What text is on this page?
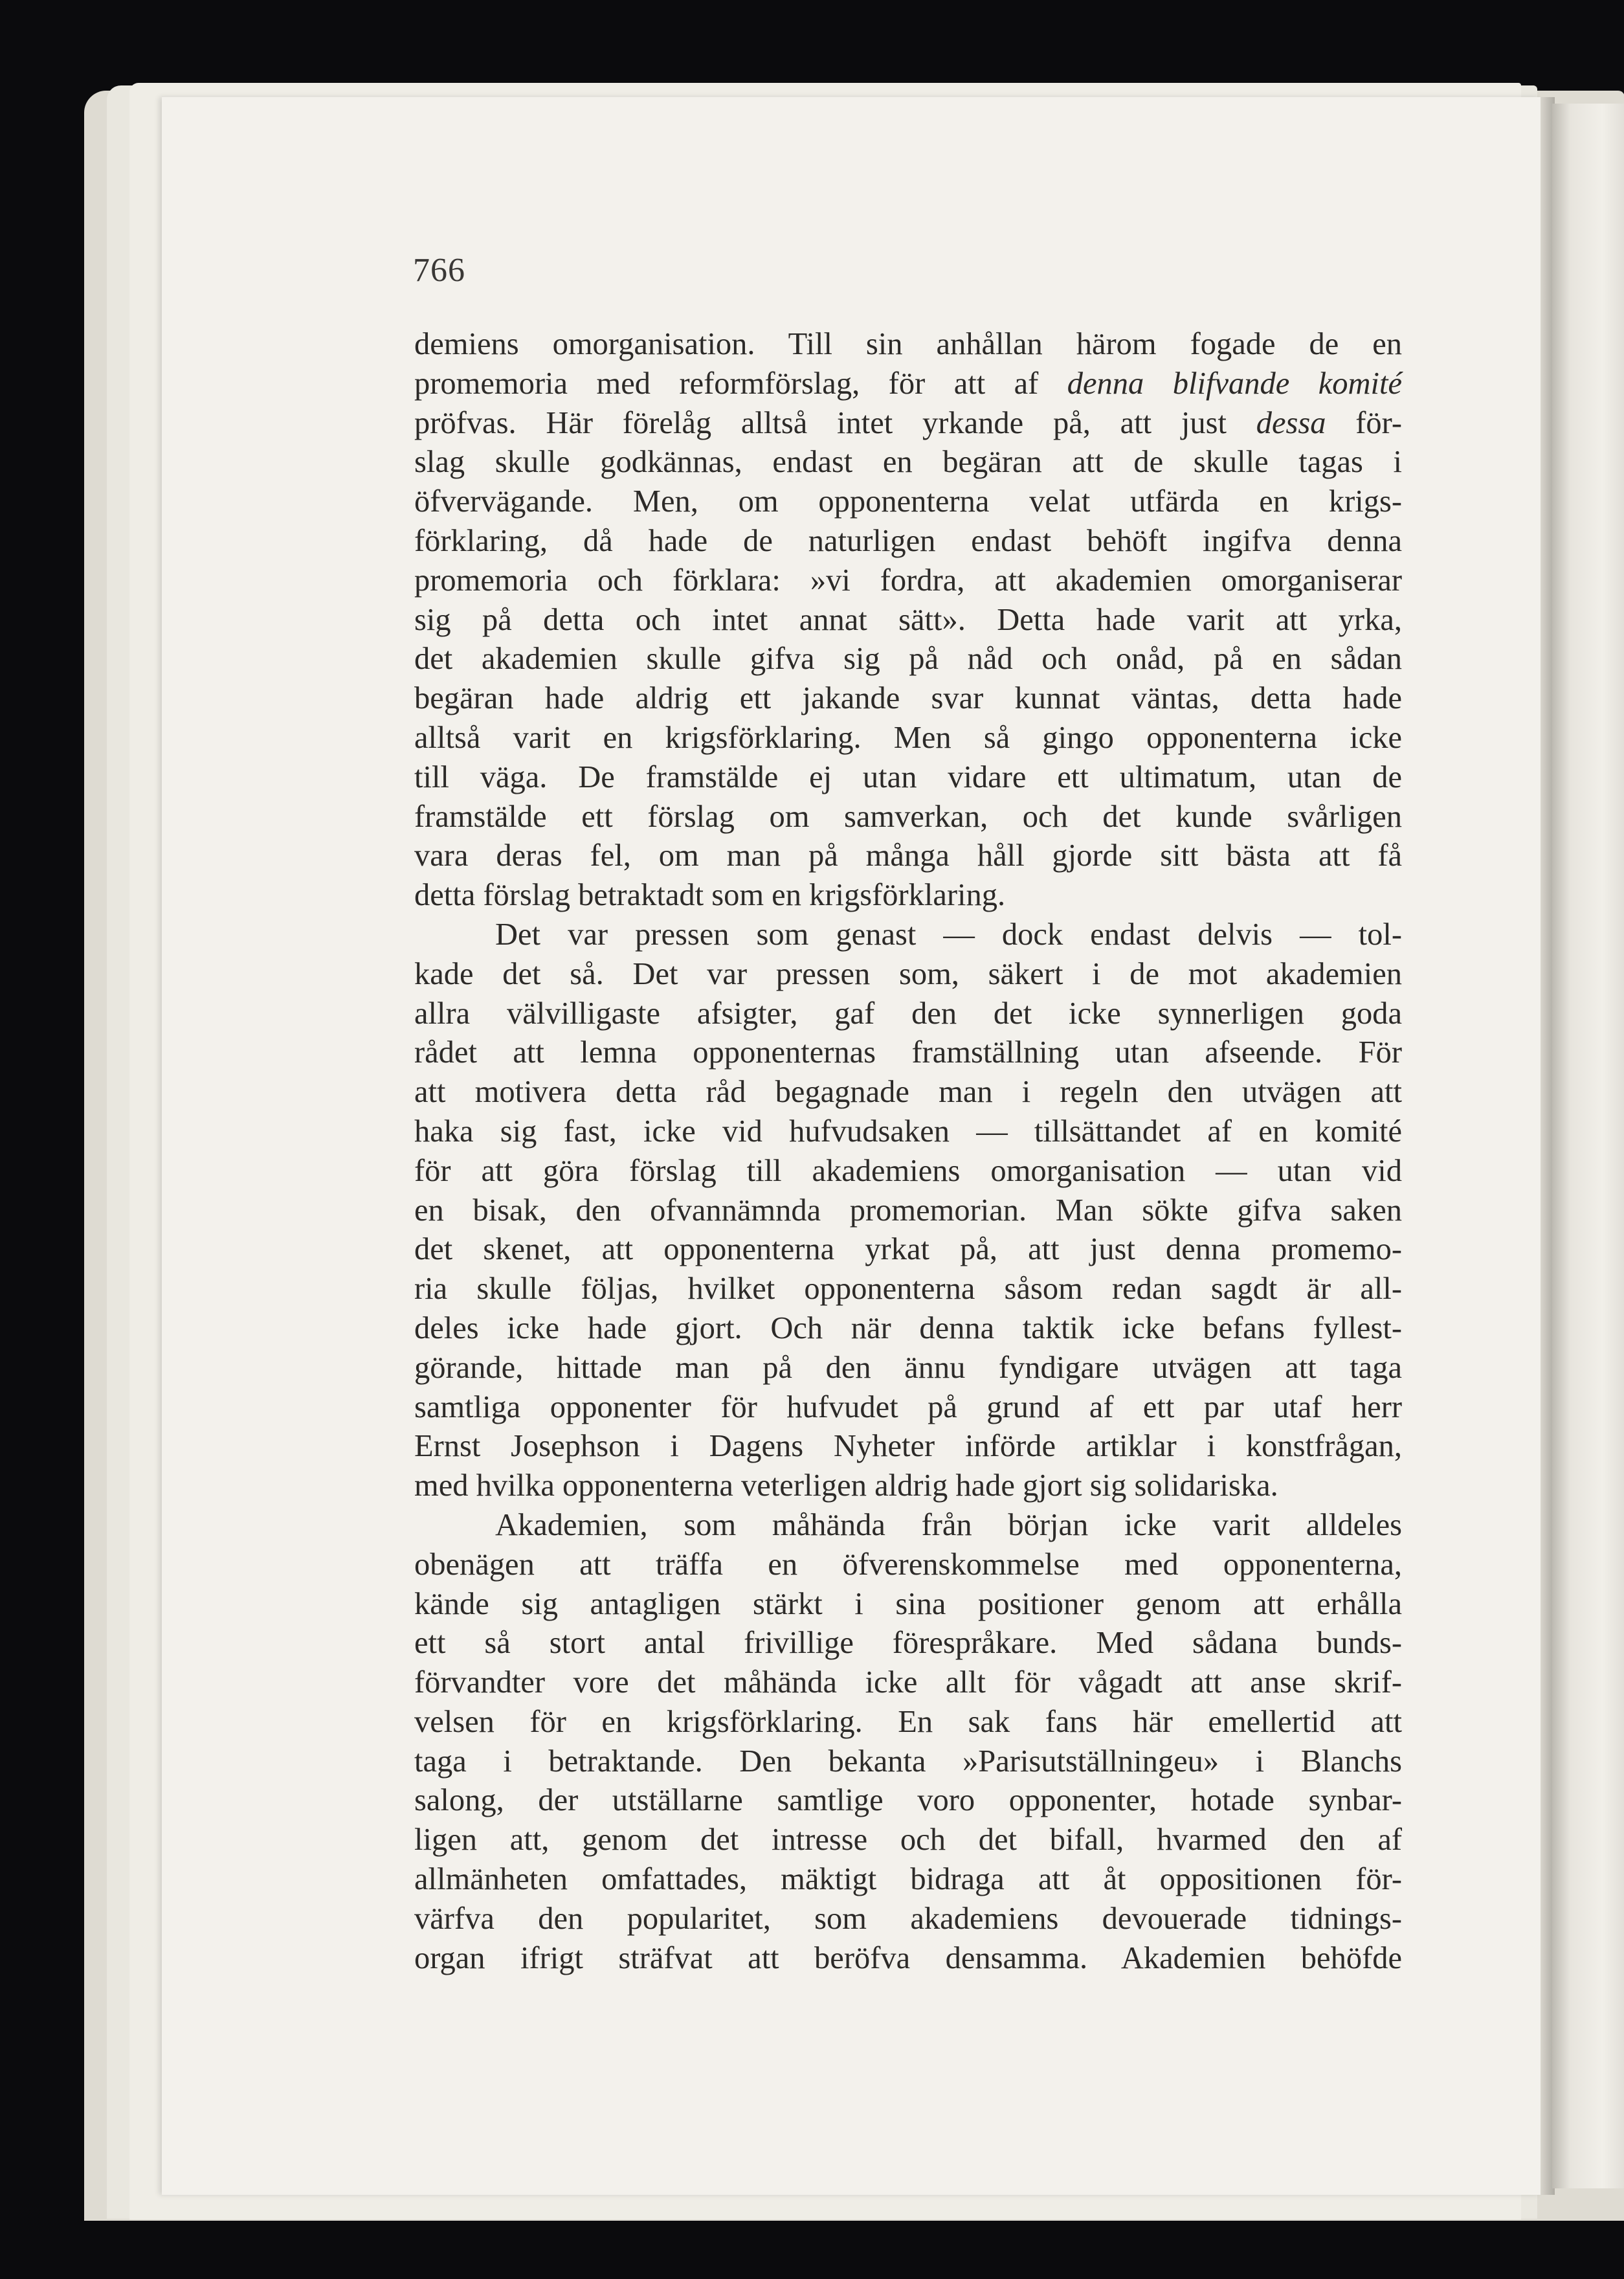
766
demiens omorganisation. Till sin anhållan härom fogade de en
promemoria med reformförslag, för att af denna blifvande komité
pröfvas. Här förelåg alltså intet yrkande på, att just dessa för-
slag skulle godkännas, endast en begäran att de skulle tagas i
öfvervägande. Men, om opponenterna velat utfärda en krigs-
förklaring, då hade de naturligen endast behöft ingifva denna
promemoria och förklara: »vi fordra, att akademien omorganiserar
sig på detta och intet annat sätt». Detta hade varit att yrka,
det akademien skulle gifva sig på nåd och onåd, på en sådan
begäran hade aldrig ett jakande svar kunnat väntas, detta hade
alltså varit en krigsförklaring. Men så gingo opponenterna icke
till väga. De framstälde ej utan vidare ett ultimatum, utan de
framstälde ett förslag om samverkan, och det kunde svårligen
vara deras fel, om man på många håll gjorde sitt bästa att få
detta förslag betraktadt som en krigsförklaring.
Det var pressen som genast — dock endast delvis — tol-
kade det så. Det var pressen som, säkert i de mot akademien
allra välvilligaste afsigter, gaf den det icke synnerligen goda
rådet att lemna opponenternas framställning utan afseende. För
att motivera detta råd begagnade man i regeln den utvägen att
haka sig fast, icke vid hufvudsaken — tillsättandet af en komité
för att göra förslag till akademiens omorganisation — utan vid
en bisak, den ofvannämnda promemorian. Man sökte gifva saken
det skenet, att opponenterna yrkat på, att just denna promemo-
ria skulle följas, hvilket opponenterna såsom redan sagdt är all-
deles icke hade gjort. Och när denna taktik icke befans fyllest-
görande, hittade man på den ännu fyndigare utvägen att taga
samtliga opponenter för hufvudet på grund af ett par utaf herr
Ernst Josephson i Dagens Nyheter införde artiklar i konstfrågan,
med hvilka opponenterna veterligen aldrig hade gjort sig solidariska.
Akademien, som måhända från början icke varit alldeles
obenägen att träffa en öfverenskommelse med opponenterna,
kände sig antagligen stärkt i sina positioner genom att erhålla
ett så stort antal frivillige förespråkare. Med sådana bunds-
förvandter vore det måhända icke allt för vågadt att anse skrif-
velsen för en krigsförklaring. En sak fans här emellertid att
taga i betraktande. Den bekanta »Parisutställningeu» i Blanchs
salong, der utställarne samtlige voro opponenter, hotade synbar-
ligen att, genom det intresse och det bifall, hvarmed den af
allmänheten omfattades, mäktigt bidraga att åt oppositionen för-
värfva den popularitet, som akademiens devouerade tidnings-
organ ifrigt sträfvat att beröfva densamma. Akademien behöfde
